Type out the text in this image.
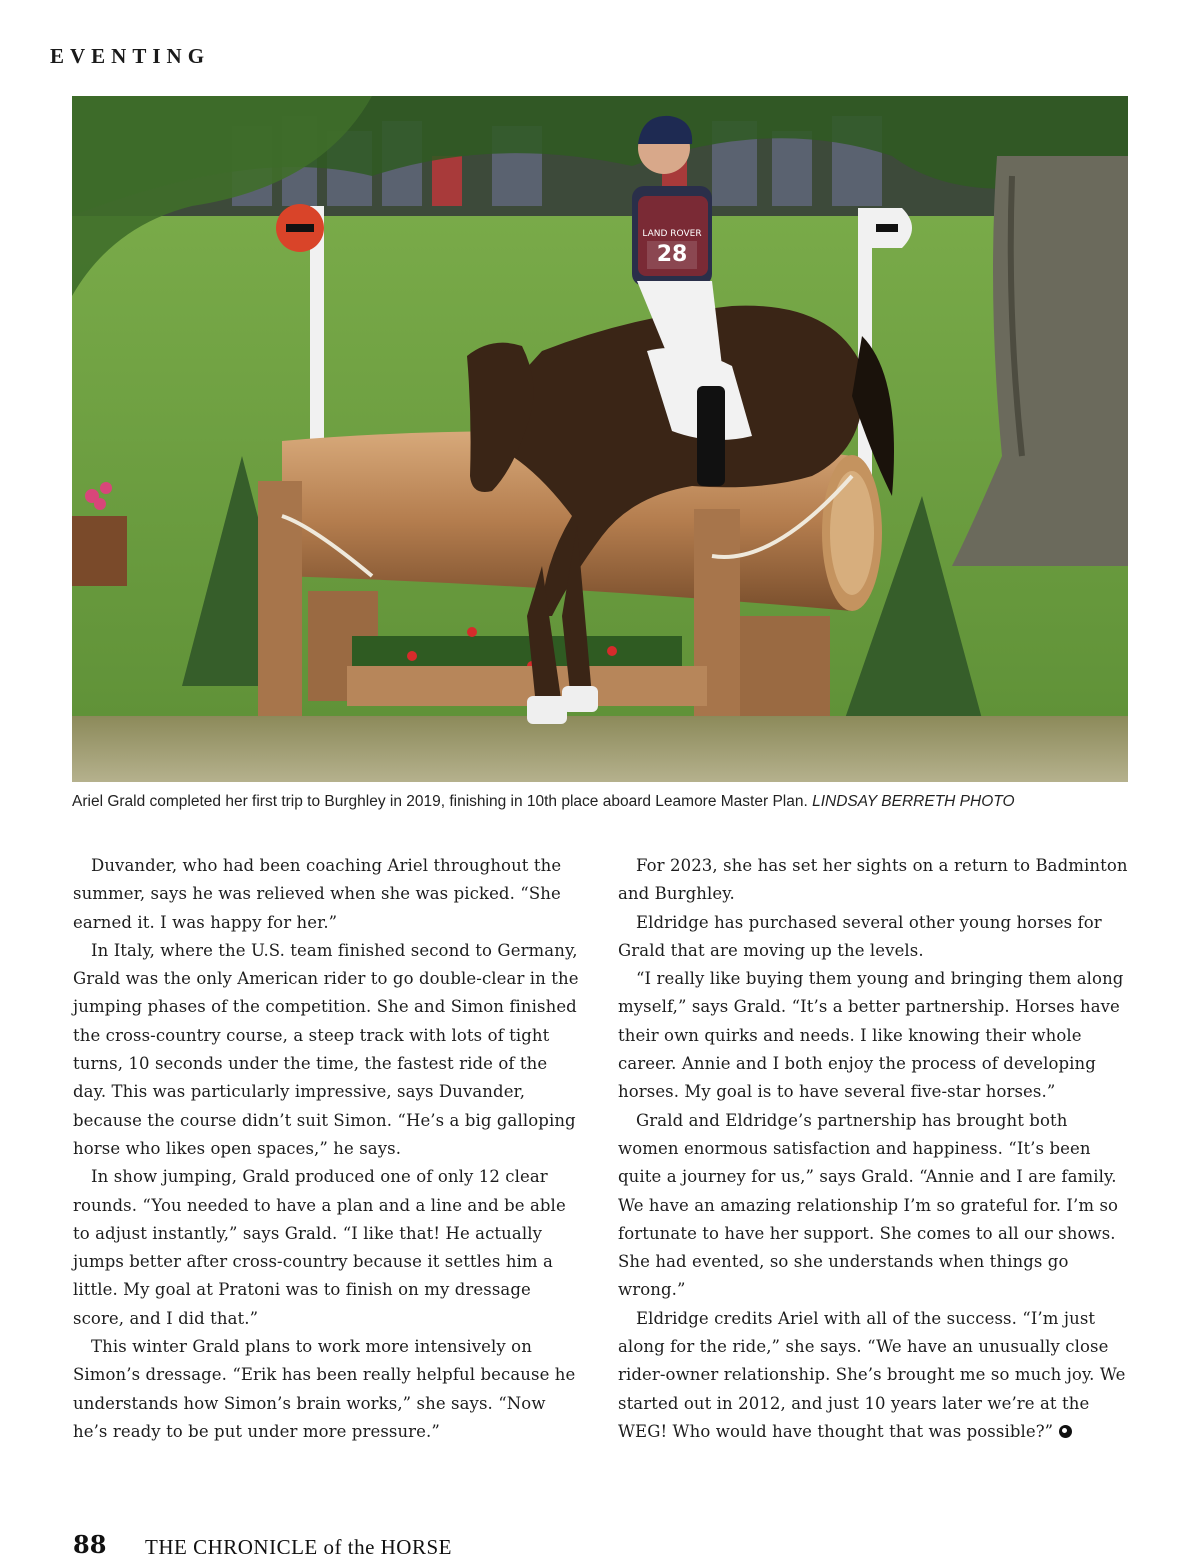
EVENTING
28
LAND ROVER
Ariel Grald completed her first trip to Burghley in 2019, finishing in 10th place aboard Leamore Master Plan. LINDSAY BERRETH PHOTO

Duvander, who had been coaching Ariel throughout the summer, says he was relieved when she was picked. “She earned it. I was happy for her.”

In Italy, where the U.S. team finished second to Germany, Grald was the only American rider to go double-clear in the jumping phases of the competition. She and Simon finished the cross-country course, a steep track with lots of tight turns, 10 seconds under the time, the fastest ride of the day. This was particularly impressive, says Duvander, because the course didn’t suit Simon. “He’s a big galloping horse who likes open spaces,” he says.

In show jumping, Grald produced one of only 12 clear rounds. “You needed to have a plan and a line and be able to adjust instantly,” says Grald. “I like that! He actually jumps better after cross-country because it settles him a little. My goal at Pratoni was to finish on my dressage score, and I did that.”

This winter Grald plans to work more intensively on Simon’s dressage. “Erik has been really helpful because he understands how Simon’s brain works,” she says. “Now he’s ready to be put under more pressure.”

For 2023, she has set her sights on a return to Badminton and Burghley.

Eldridge has purchased several other young horses for Grald that are moving up the levels.

“I really like buying them young and bringing them along myself,” says Grald. “It’s a better partnership. Horses have their own quirks and needs. I like knowing their whole career. Annie and I both enjoy the process of developing horses. My goal is to have several five-star horses.”

Grald and Eldridge’s partnership has brought both women enormous satisfaction and happiness. “It’s been quite a journey for us,” says Grald. “Annie and I are family. We have an amazing relationship I’m so grateful for. I’m so fortunate to have her support. She comes to all our shows. She had evented, so she understands when things go wrong.”

Eldridge credits Ariel with all of the success. “I’m just along for the ride,” she says. “We have an unusually close rider-owner relationship. She’s brought me so much joy. We started out in 2012, and just 10 years later we’re at the WEG! Who would have thought that was possible?”

88 THE CHRONICLE of the HORSE
